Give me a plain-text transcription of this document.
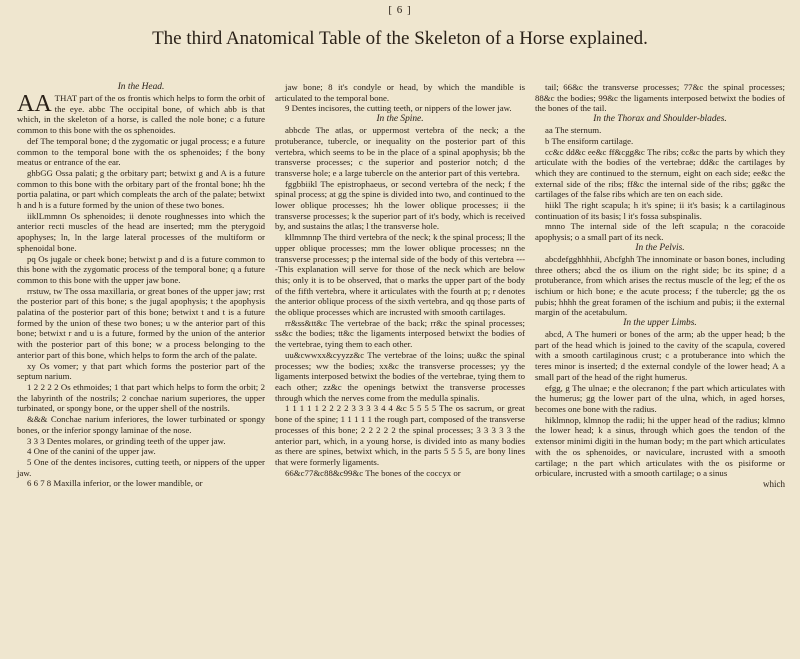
[ 6 ]
The third Anatomical Table of the Skeleton of a Horse explained.
In the Head.

AA THAT part of the os frontis which helps to form the orbit of the eye. abbc The occipital bone, of which abb is that which, in the skeleton of a horse, is called the nole bone; c a future common to this bone with the os sphenoides.

def The temporal bone; d the zygomatic or jugal process; e a future common to the temporal bone with the os sphenoides; f the bony meatus or entrance of the ear.

ghbGG Ossa palati; g the orbitary part; betwixt g and A is a future common to this bone with the orbitary part of the frontal bone; hh the portia palatina, or part which compleats the arch of the palate; betwixt h and h is a future formed by the union of these two bones.

iiklLmmnn Os sphenoides; ii denote roughnesses into which the anterior recti muscles of the head are inserted; mm the pterygoid apophyses; ln, ln the large lateral processes of the multiform or sphenoidal bone.

pq Os jugale or cheek bone; betwixt p and d is a future common to this bone with the zygomatic process of the temporal bone; q a future common to this bone with the upper jaw bone.

rrstuw, tw The ossa maxillaria, or great bones of the upper jaw; rrst the posterior part of this bone; s the jugal apophysis; t the apophysis palatina of the posterior part of this bone; betwixt t and t is a future formed by the union of these two bones; u w the anterior part of this bone; betwixt r and u is a future, formed by the union of the anterior with the posterior part of this bone; w a process belonging to the anterior part of this bone, which helps to form the arch of the palate.

xy Os vomer; y that part which forms the posterior part of the septum narium.

1 2 2 2 2 Os ethmoides; 1 that part which helps to form the orbit; 2 the labyrinth of the nostrils; 2 conchae narium superiores, the upper turbinated, or spongy bone, or the upper shell of the nostrils.

&&& Conchae narium inferiores, the lower turbinated or spongy bones, or the inferior spongy laminae of the nose.

3 3 3 Dentes molares, or grinding teeth of the upper jaw.

4 One of the canini of the upper jaw.

5 One of the dentes incisores, cutting teeth, or nippers of the upper jaw.

6 6 7 8 Maxilla inferior, or the lower mandible, or

jaw bone; 8 it's condyle or head, by which the mandible is articulated to the temporal bone.

9 Dentes incisores, the cutting teeth, or nippers of the lower jaw.

In the Spine.

abbcde The atlas, or uppermost vertebra of the neck; a the protuberance, tubercle, or inequality on the posterior part of this vertebra, which seems to be in the place of a spinal apophysis; bb the transverse processes; c the superior and posterior notch; d the transverse hole; e a large tubercle on the anterior part of this vertebra.

fggbbiikl The epistrophaeus, or second vertebra of the neck; f the spinal process; at gg the spine is divided into two, and continued to the lower oblique processes; hh the lower oblique processes; ii the transverse processes; k the superior part of it's body, which is received by, and sustains the atlas; l the transverse hole.

kllmmnnp The third vertebra of the neck; k the spinal process; ll the upper oblique processes; mm the lower oblique processes; nn the transverse processes; p the internal side of the body of this vertebra ----This explanation will serve for those of the neck which are below this; only it is to be observed, that o marks the upper part of the body of the fifth vertebra, where it articulates with the fourth at p; r denotes the anterior oblique process of the sixth vertebra, and qq those parts of the oblique processes which are incrusted with smooth cartilages.

rr&ss&tt&c The vertebrae of the back; rr&c the spinal processes; ss&c the bodies; tt&c the ligaments interposed betwixt the bodies of the vertebrae, tying them to each other.

uu&cwwxx&cyyzz&c The vertebrae of the loins; uu&c the spinal processes; ww the bodies; xx&c the transverse processes; yy the ligaments interposed betwixt the bodies of the vertebrae, tying them to each other; zz&c the openings betwixt the transverse processes through which the nerves come from the medulla spinalis.

1 1 1 1 1 2 2 2 2 3 3 3 3 4 4 &c 5 5 5 5 The os sacrum, or great bone of the spine; 1 1 1 1 1 the rough part, composed of the transverse processes of this bone; 2 2 2 2 2 the spinal processes; 3 3 3 3 3 the anterior part, which, in a young horse, is divided into as many bodies as there are spines, betwixt which, in the parts 5 5 5 5, are bony lines that were formerly ligaments.

66&c77&c88&c99&c The bones of the coccyx or

tail; 66&c the transverse processes; 77&c the spinal processes; 88&c the bodies; 99&c the ligaments interposed betwixt the bodies of the bones of the tail.

In the Thorax and Shoulder-blades.

aa The sternum.

b The ensiform cartilage.

cc&c dd&c ee&c ff&cgg&c The ribs; cc&c the parts by which they articulate with the bodies of the vertebrae; dd&c the cartilages by which they are continued to the sternum, eight on each side; ee&c the external side of the ribs; ff&c the internal side of the ribs; gg&c the cartilages of the false ribs which are ten on each side.

hiikl The right scapula; h it's spine; ii it's basis; k a cartilaginous continuation of its basis; l it's fossa subspinalis.

mnno The internal side of the left scapula; n the coracoide apophysis; o a small part of its neck.

In the Pelvis.

abcdefgghhhhii, Abcfghh The innominate or bason bones, including three others; abcd the os ilium on the right side; bc its spine; d a protuberance, from which arises the rectus muscle of the leg; ef the os ischium or hich bone; e the acute process; f the tubercle; gg the os pubis; hhhh the great foramen of the ischium and pubis; ii the external margin of the acetabulum.

In the upper Limbs.

abcd, A The humeri or bones of the arm; ab the upper head; b the part of the head which is joined to the cavity of the scapula, covered with a smooth cartilaginous crust; c a protuberance into which the teres minor is inserted; d the external condyle of the lower head; A a small part of the head of the right humerus.

efgg, g The ulnae; e the olecranon; f the part which articulates with the humerus; gg the lower part of the ulna, which, in aged horses, becomes one bone with the radius.

hiklmnop, klmnop the radii; hi the upper head of the radius; klmno the lower head; k a sinus, through which goes the tendon of the extensor minimi digiti in the human body; m the part which articulates with the os sphenoides, or naviculare, incrusted with a smooth cartilage; n the part which articulates with the os pisiforme or orbiculare, incrusted with a smooth cartilage; o a sinus

which
